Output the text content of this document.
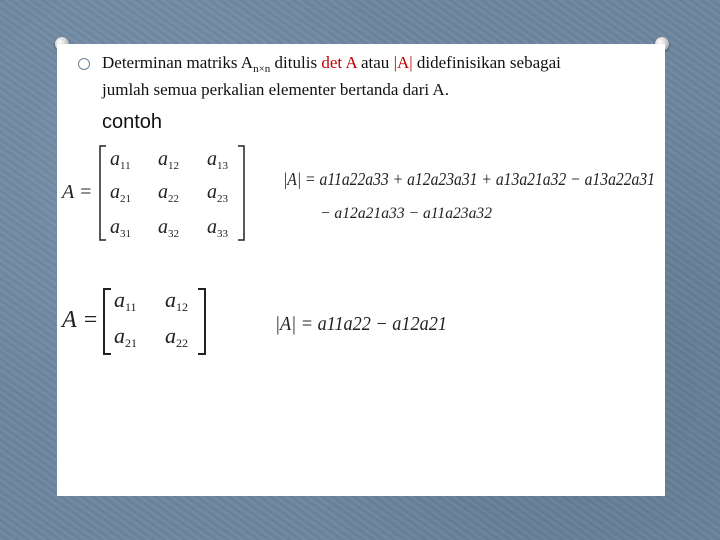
Determinan matriks $A_{n\times n}$ ditulis det A atau |A| didefinisikan sebagai
jumlah semua perkalian elementer bertanda dari A.
contoh
A =
$a_{11}$ $a_{12}$ $a_{13}$
$a_{21}$ $a_{22}$ $a_{23}$
$a_{31}$ $a_{32}$ $a_{33}$
|A| = a11a22a33 + a12a23a31 + a13a21a32 − a13a22a31
− a12a21a33 − a11a23a32
A =
a11 a12
a21 a22
|A| = a11a22 − a12a21
